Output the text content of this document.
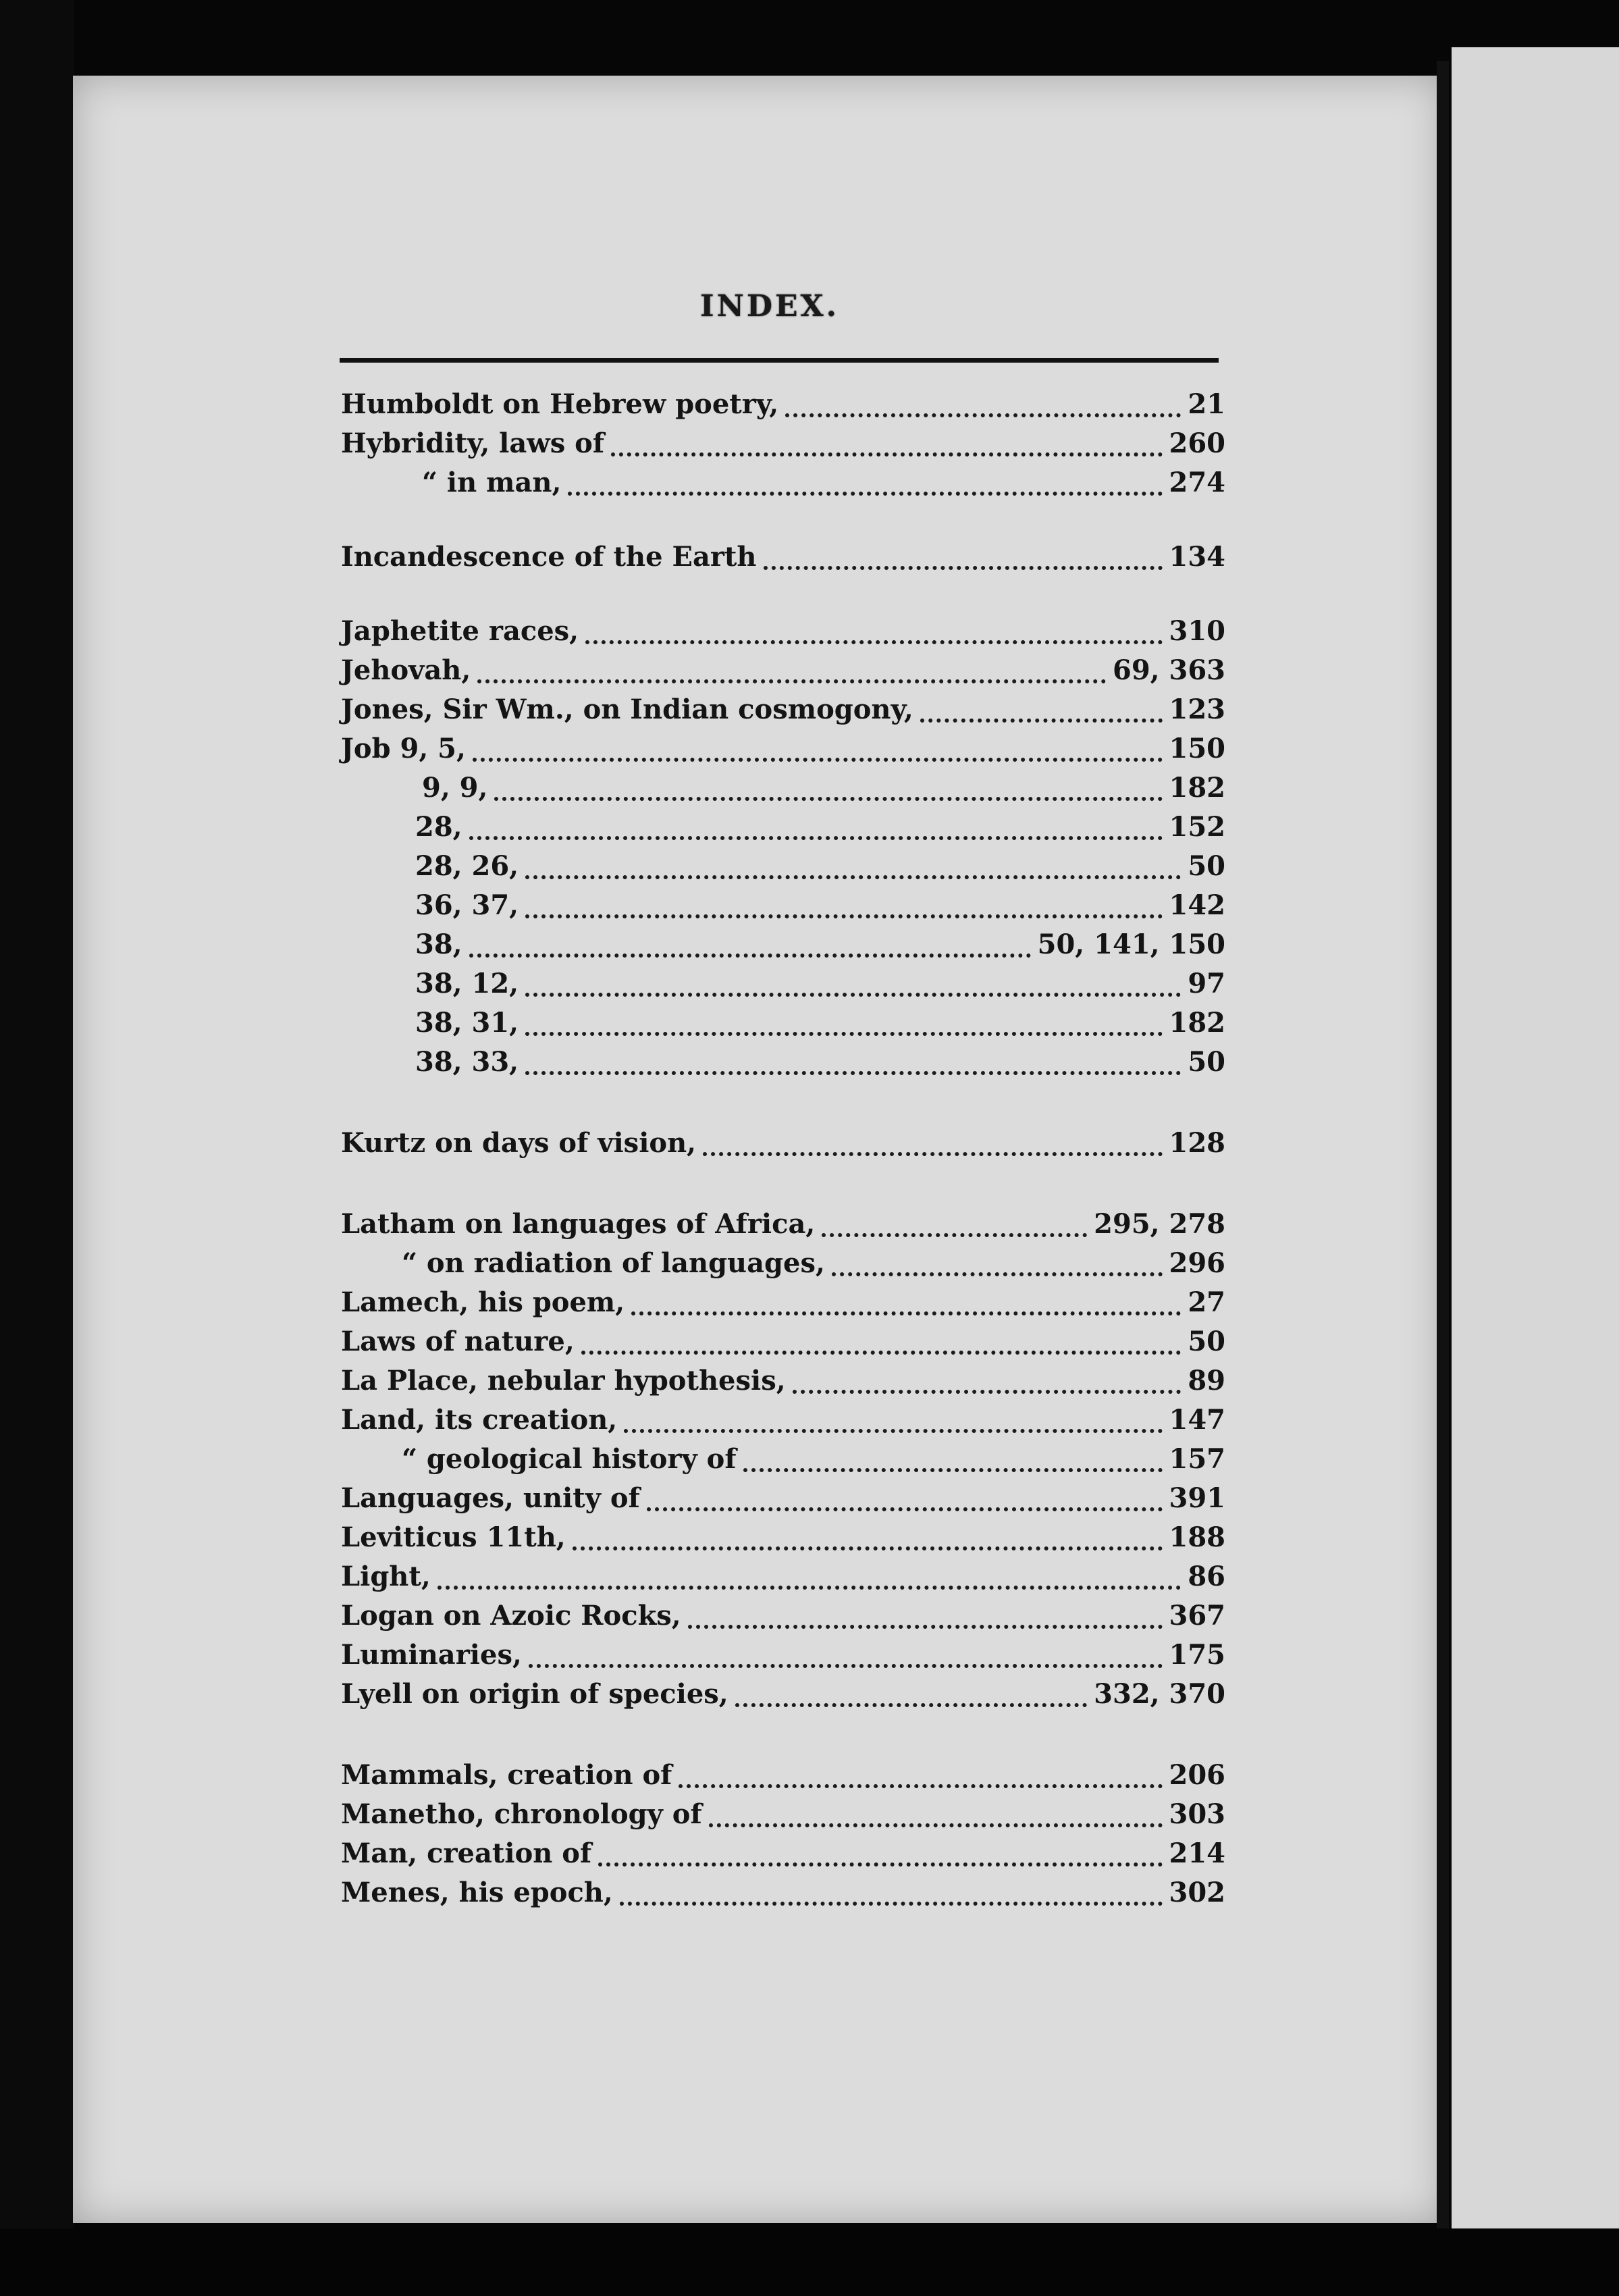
INDEX.
Humboldt on Hebrew poetry,	21
Hybridity, laws of	260
“ in man,	274
Incandescence of the Earth	134
Japhetite races,	310
Jehovah,	69, 363
Jones, Sir Wm., on Indian cosmogony,	123
Job 9, 5,	150
9, 9,	182
28,	152
28, 26,	50
36, 37,	142
38,	50, 141, 150
38, 12,	97
38, 31,	182
38, 33,	50
Kurtz on days of vision,	128
Latham on languages of Africa,	295, 278
“ on radiation of languages,	296
Lamech, his poem,	27
Laws of nature,	50
La Place, nebular hypothesis,	89
Land, its creation,	147
“ geological history of	157
Languages, unity of	391
Leviticus 11th,	188
Light,	86
Logan on Azoic Rocks,	367
Luminaries,	175
Lyell on origin of species,	332, 370
Mammals, creation of	206
Manetho, chronology of	303
Man, creation of	214
Menes, his epoch,	302
